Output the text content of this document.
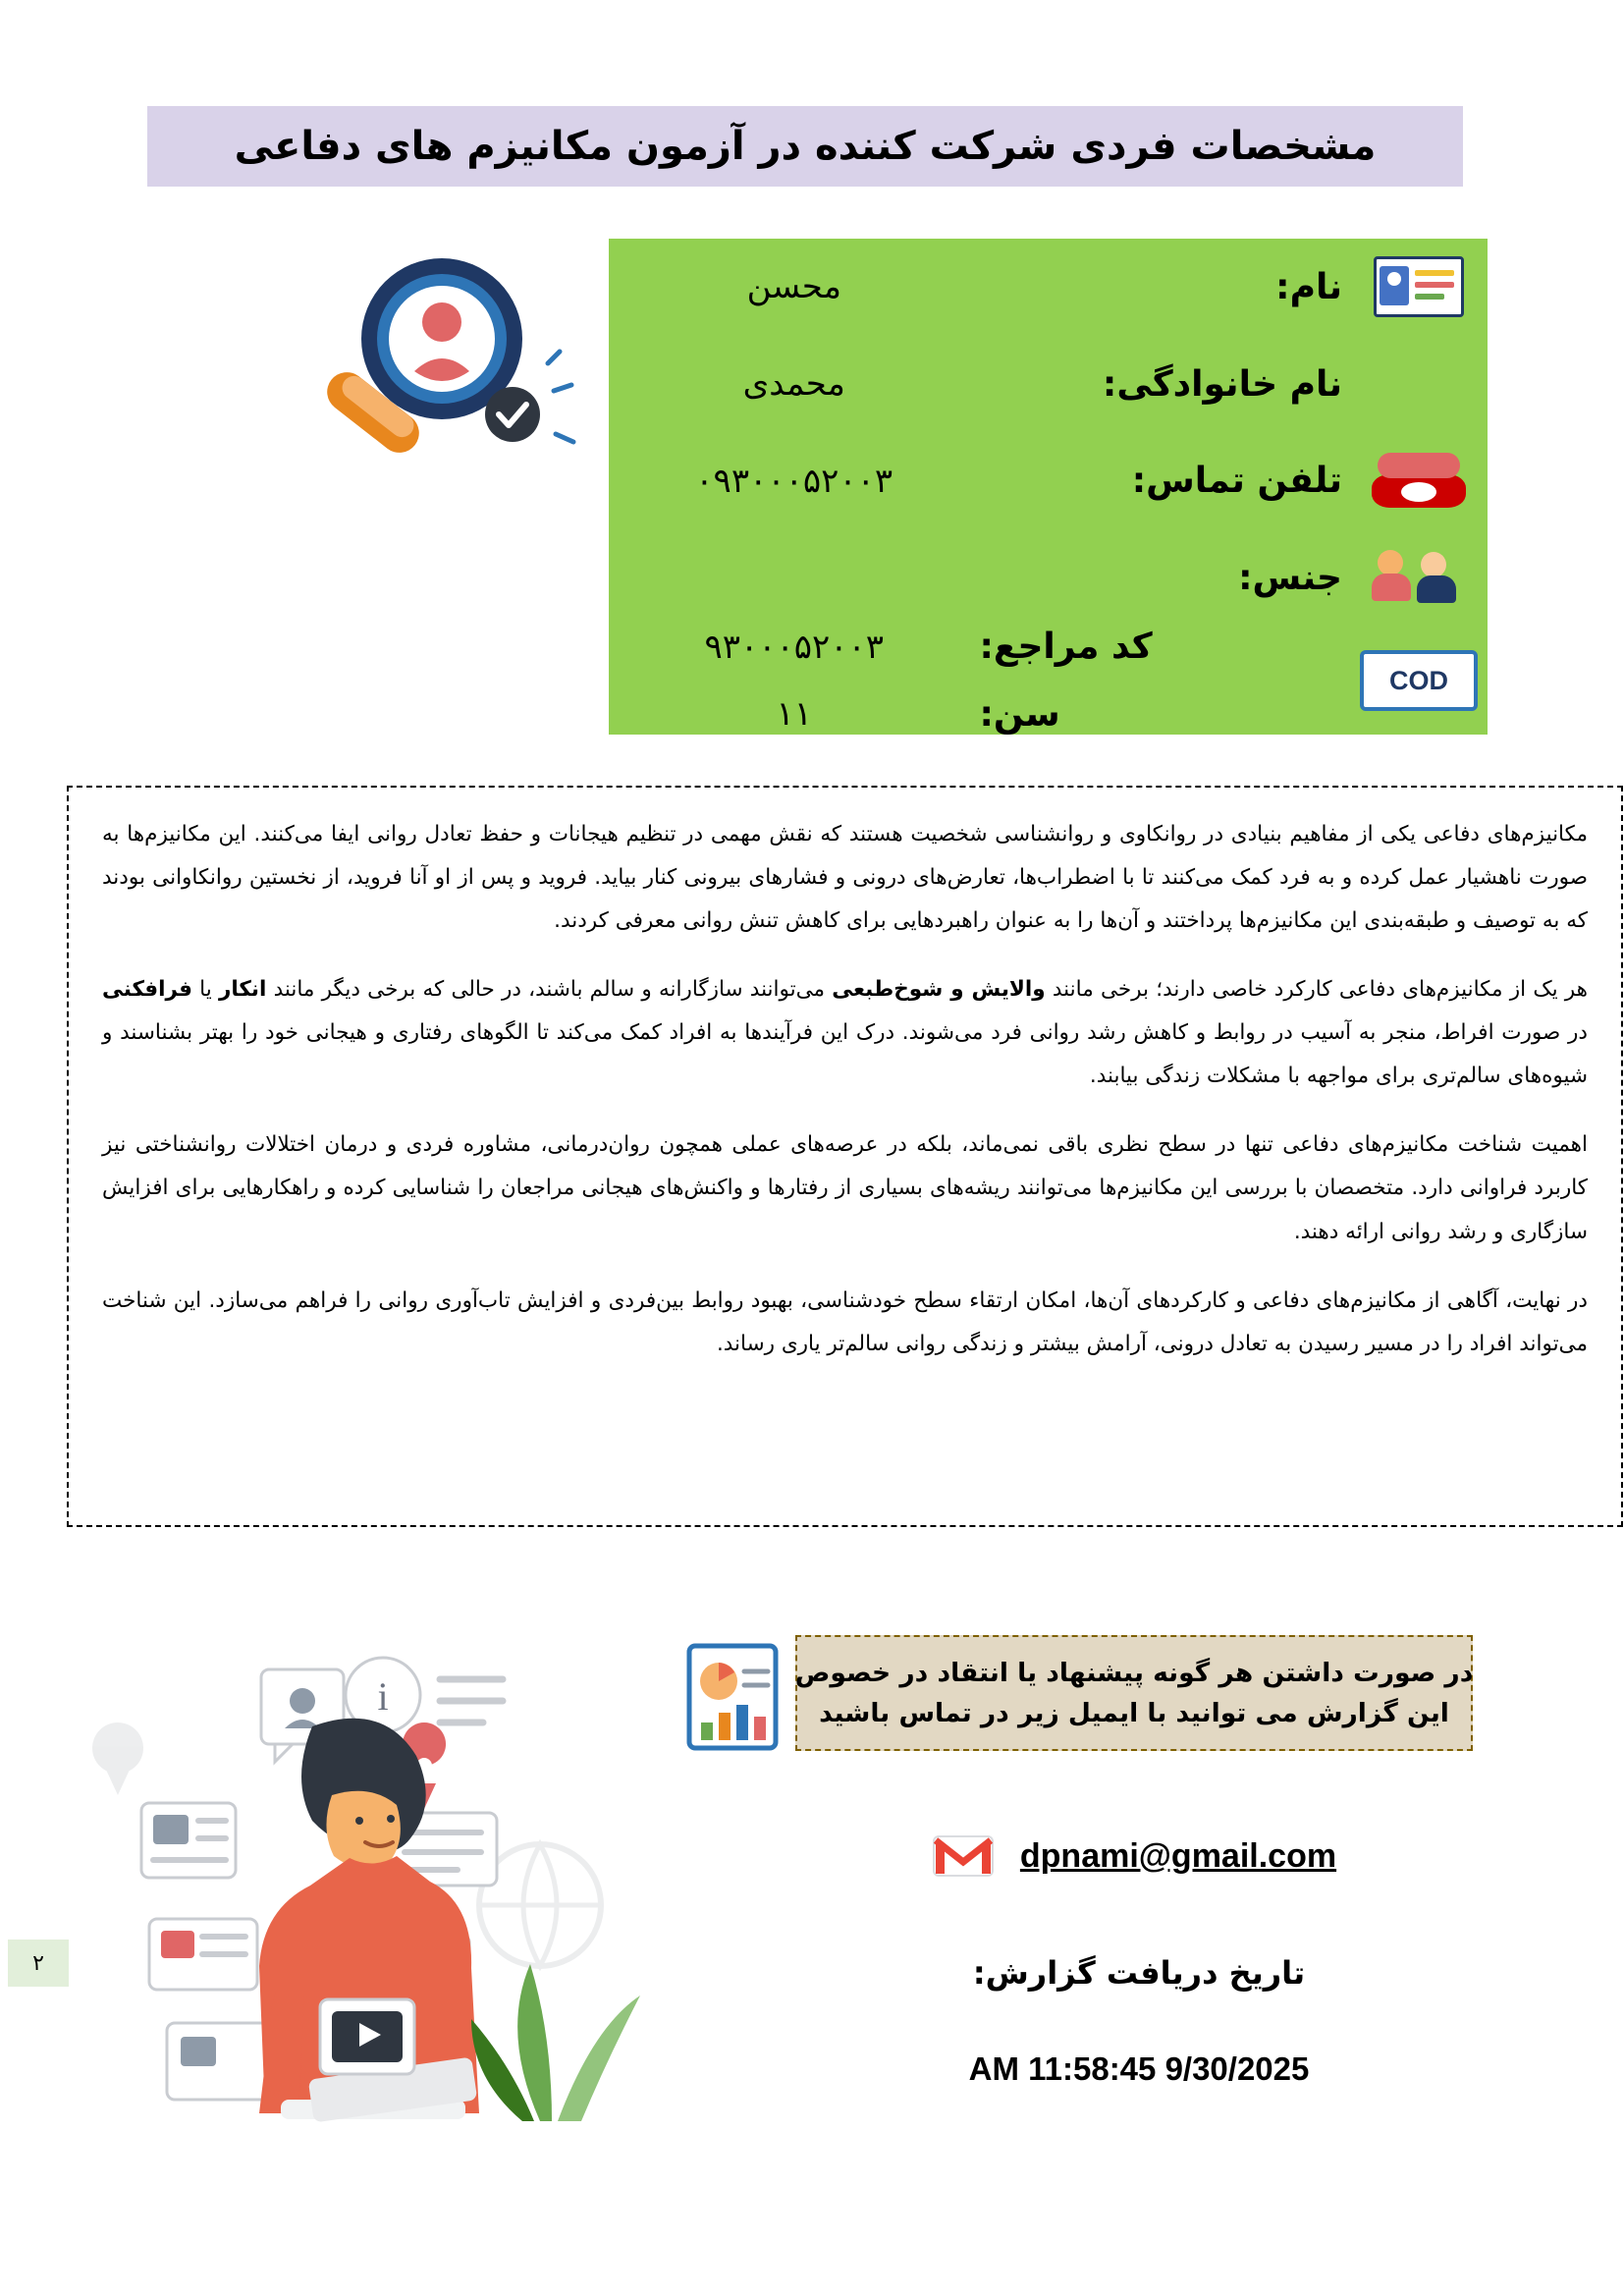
مشخصات فردی شرکت کننده در آزمون مکانیزم های دفاعی
نام:
محسن
نام خانوادگی:
محمدی
تلفن تماس:
۰۹۳۰۰۰۵۲۰۰۳
جنس:
COD
کد مراجع:
سن:
۹۳۰۰۰۵۲۰۰۳
۱۱

مکانیزم‌های دفاعی یکی از مفاهیم بنیادی در روانکاوی و روانشناسی شخصیت هستند که نقش مهمی در تنظیم هیجانات و حفظ تعادل روانی ایفا می‌کنند. این مکانیزم‌ها به صورت ناهشیار عمل کرده و به فرد کمک می‌کنند تا با اضطراب‌ها، تعارض‌های درونی و فشارهای بیرونی کنار بیاید. فروید و پس از او آنا فروید، از نخستین روانکاوانی بودند که به توصیف و طبقه‌بندی این مکانیزم‌ها پرداختند و آن‌ها را به عنوان راهبردهایی برای کاهش تنش روانی معرفی کردند.

هر یک از مکانیزم‌های دفاعی کارکرد خاصی دارند؛ برخی مانند والایش و شوخ‌طبعی می‌توانند سازگارانه و سالم باشند، در حالی که برخی دیگر مانند انکار یا فرافکنی در صورت افراط، منجر به آسیب در روابط و کاهش رشد روانی فرد می‌شوند. درک این فرآیندها به افراد کمک می‌کند تا الگوهای رفتاری و هیجانی خود را بهتر بشناسند و شیوه‌های سالم‌تری برای مواجهه با مشکلات زندگی بیابند.

اهمیت شناخت مکانیزم‌های دفاعی تنها در سطح نظری باقی نمی‌ماند، بلکه در عرصه‌های عملی همچون روان‌درمانی، مشاوره فردی و درمان اختلالات روانشناختی نیز کاربرد فراوانی دارد. متخصصان با بررسی این مکانیزم‌ها می‌توانند ریشه‌های بسیاری از رفتارها و واکنش‌های هیجانی مراجعان را شناسایی کرده و راهکارهایی برای افزایش سازگاری و رشد روانی ارائه دهند.

در نهایت، آگاهی از مکانیزم‌های دفاعی و کارکردهای آن‌ها، امکان ارتقاء سطح خودشناسی، بهبود روابط بین‌فردی و افزایش تاب‌آوری روانی را فراهم می‌سازد. این شناخت می‌تواند افراد را در مسیر رسیدن به تعادل درونی، آرامش بیشتر و زندگی روانی سالم‌تر یاری رساند.

i
در صورت داشتن هر گونه پیشنهاد یا انتقاد در خصوص
این گزارش می توانید با ایمیل زیر در تماس باشید
dpnami@gmail.com
تاریخ دریافت گزارش:
9/30/2025 11:58:45 AM
۲
